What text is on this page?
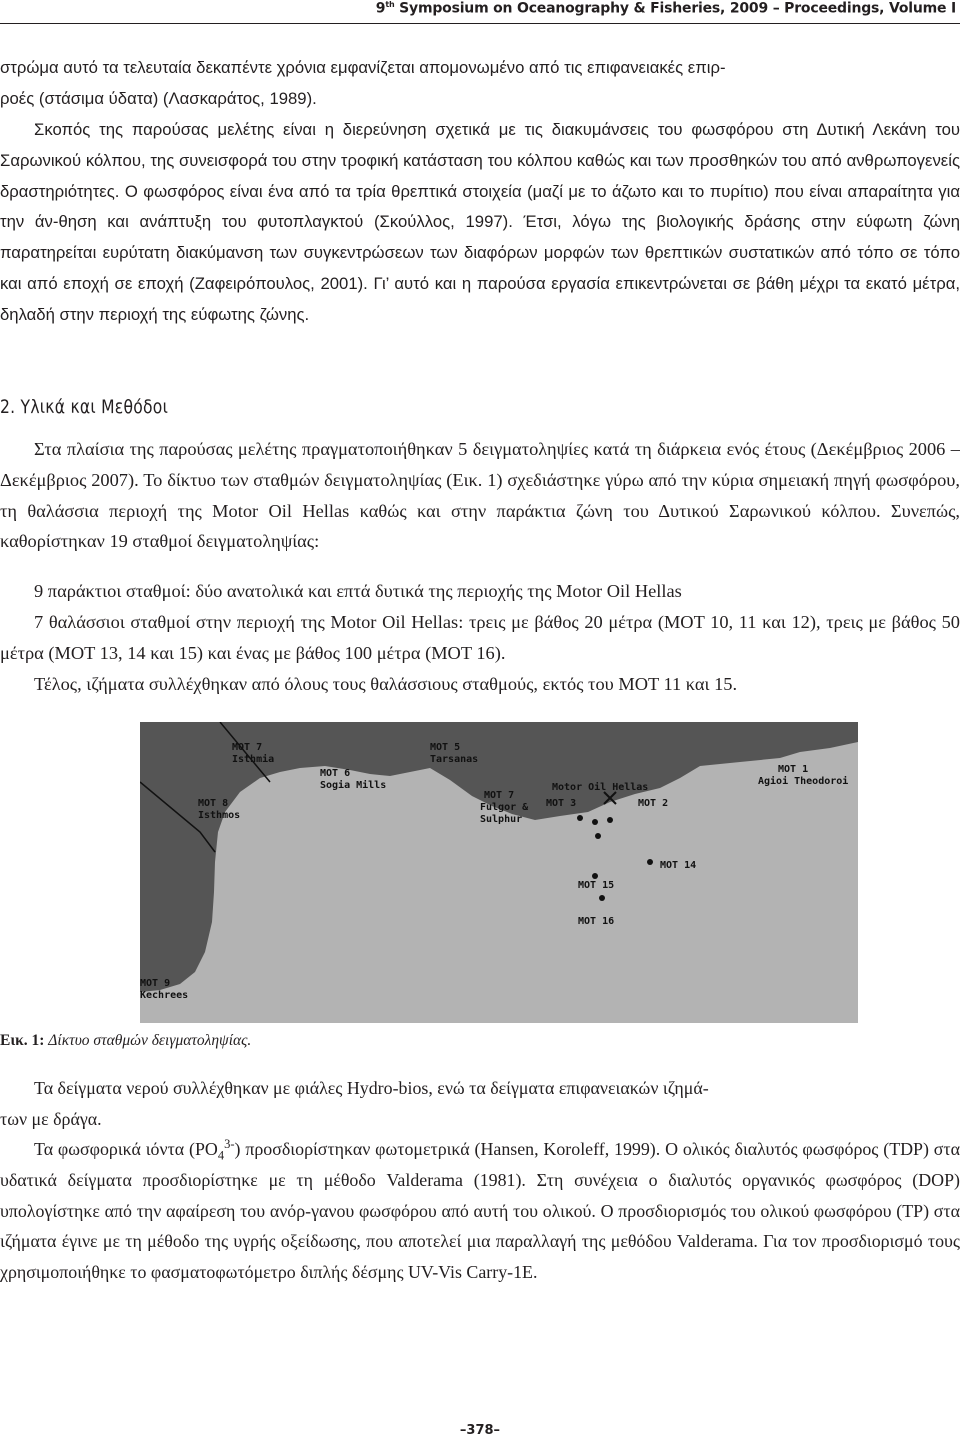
9th Symposium on Oceanography & Fisheries, 2009 – Proceedings, Volume I
στρώμα αυτό τα τελευταία δεκαπέντε χρόνια εμφανίζεται απομονωμένο από τις επιφανειακές επιρ-
ροές (στάσιμα ύδατα) (Λασκαράτος, 1989).
Σκοπός της παρούσας μελέτης είναι η διερεύνηση σχετικά με τις διακυμάνσεις του φωσφόρου στη Δυτική Λεκάνη του Σαρωνικού κόλπου, της συνεισφορά του στην τροφική κατάσταση του κόλπου καθώς και των προσθηκών του από ανθρωπογενείς δραστηριότητες. Ο φωσφόρος είναι ένα από τα τρία θρεπτικά στοιχεία (μαζί με το άζωτο και το πυρίτιο) που είναι απαραίτητα για την άν-θηση και ανάπτυξη του φυτοπλαγκτού (Σκούλλος, 1997). Έτσι, λόγω της βιολογικής δράσης στην εύφωτη ζώνη παρατηρείται ευρύτατη διακύμανση των συγκεντρώσεων των διαφόρων μορφών των θρεπτικών συστατικών από τόπο σε τόπο και από εποχή σε εποχή (Ζαφειρόπουλος, 2001). Γι’ αυτό και η παρούσα εργασία επικεντρώνεται σε βάθη μέχρι τα εκατό μέτρα, δηλαδή στην περιοχή της εύφωτης ζώνης.
2. Υλικά και Μεθόδοι
Στα πλαίσια της παρούσας μελέτης πραγματοποιήθηκαν 5 δειγματοληψίες κατά τη διάρκεια ενός έτους (Δεκέμβριος 2006 – Δεκέμβριος 2007). Το δίκτυο των σταθμών δειγματοληψίας (Εικ. 1) σχεδιάστηκε γύρω από την κύρια σημειακή πηγή φωσφόρου, τη θαλάσσια περιοχή της Motor Oil Hellas καθώς και στην παράκτια ζώνη του Δυτικού Σαρωνικού κόλπου. Συνεπώς, καθορίστηκαν 19 σταθμοί δειγματοληψίας:
9 παράκτιοι σταθμοί: δύο ανατολικά και επτά δυτικά της περιοχής της Motor Oil Hellas
7 θαλάσσιοι σταθμοί στην περιοχή της Motor Oil Hellas: τρεις με βάθος 20 μέτρα (MOT 10, 11 και 12), τρεις με βάθος 50 μέτρα (MOT 13, 14 και 15) και ένας με βάθος 100 μέτρα (MOT 16).
Τέλος, ιζήματα συλλέχθηκαν από όλους τους θαλάσσιους σταθμούς, εκτός του MOT 11 και 15.
MOT 7
Isthmia
MOT 6
Sogia Mills
MOT 5
Tarsanas
MOT 8
Isthmos
MOT 1
Agioi Theodoroi
Motor Oil Hellas
MOT 7
Fulgor &
Sulphur
MOT 3	MOT 2
MOT 15
MOT 14
MOT 16
MOT 9
Kechrees
Εικ. 1: Δίκτυο σταθμών δειγματοληψίας.
Τα δείγματα νερού συλλέχθηκαν με φιάλες Hydro-bios, ενώ τα δείγματα επιφανειακών ιζημά-
των με δράγα.
Τα φωσφορικά ιόντα $(PO_4^{3-})$ προσδιορίστηκαν φωτομετρικά (Hansen, Koroleff, 1999). Ο ολικός διαλυτός φωσφόρος (TDP) στα υδατικά δείγματα προσδιορίστηκε με τη μέθοδο Valderama (1981). Στη συνέχεια ο διαλυτός οργανικός φωσφόρος (DOP) υπολογίστηκε από την αφαίρεση του ανόρ-γανου φωσφόρου από αυτή του ολικού. Ο προσδιορισμός του ολικού φωσφόρου (TP) στα ιζήματα έγινε με τη μέθοδο της υγρής οξείδωσης, που αποτελεί μια παραλλαγή της μεθόδου Valderama. Για τον προσδιορισμό τους χρησιμοποιήθηκε το φασματοφωτόμετρο διπλής δέσμης UV-Vis Carry-1E.
–378–
